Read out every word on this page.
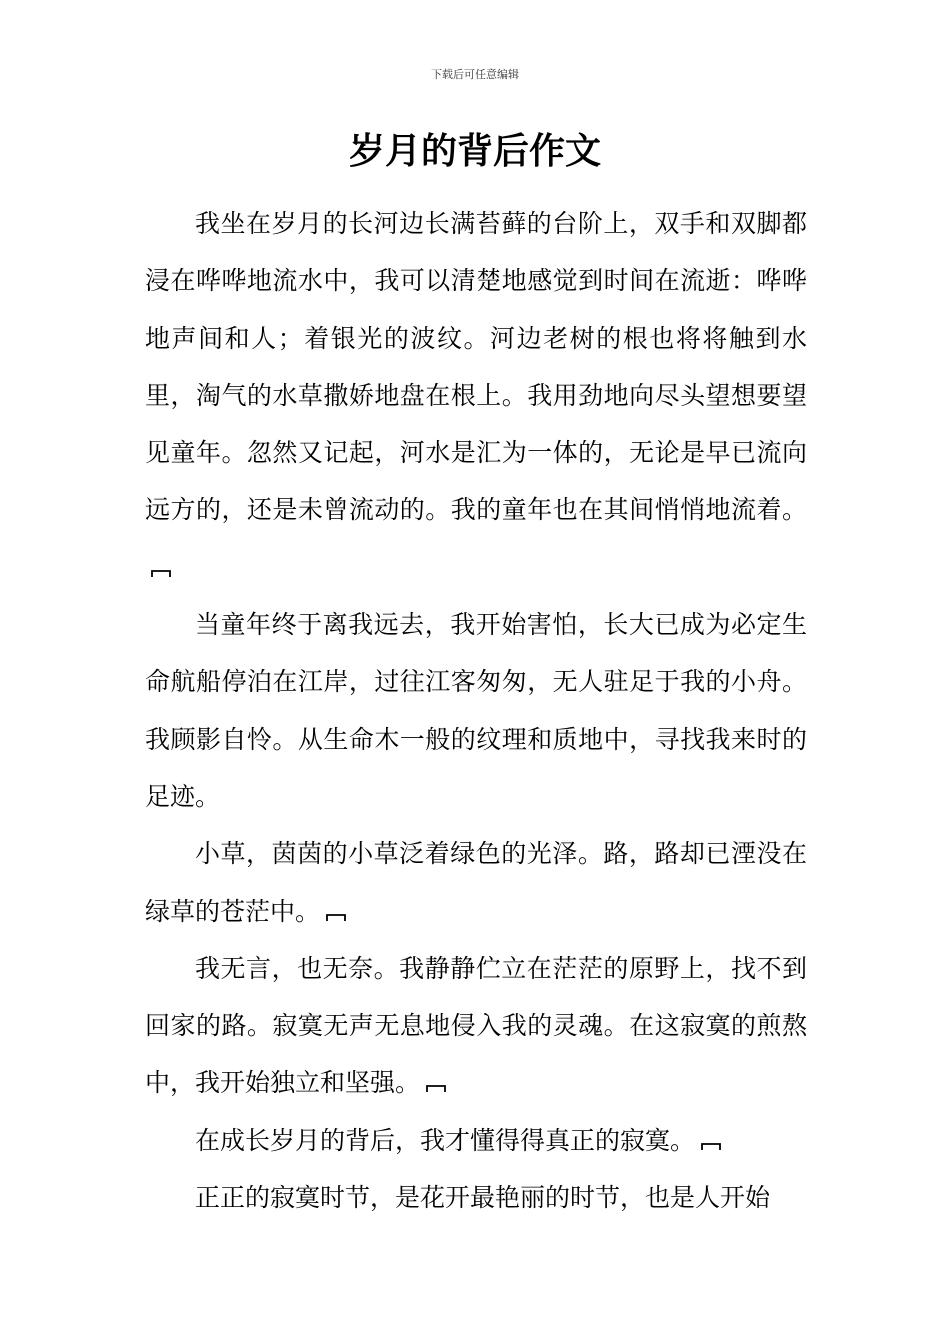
下载后可任意编辑
岁月的背后作文

我坐在岁月的长河边长满苔藓的台阶上，双手和双脚都浸在哗哗地流水中，我可以清楚地感觉到时间在流逝：哗哗地声间和人；着银光的波纹。河边老树的根也将将触到水里，淘气的水草撒娇地盘在根上。我用劲地向尽头望想要望见童年。忽然又记起，河水是汇为一体的，无论是早已流向远方的，还是未曾流动的。我的童年也在其间悄悄地流着。

当童年终于离我远去，我开始害怕，长大已成为必定生命航船停泊在江岸，过往江客匆匆，无人驻足于我的小舟。我顾影自怜。从生命木一般的纹理和质地中，寻找我来时的足迹。

小草，茵茵的小草泛着绿色的光泽。路，路却已湮没在绿草的苍茫中。

我无言，也无奈。我静静伫立在茫茫的原野上，找不到回家的路。寂寞无声无息地侵入我的灵魂。在这寂寞的煎熬中，我开始独立和坚强。

在成长岁月的背后，我才懂得得真正的寂寞。

正正的寂寞时节，是花开最艳丽的时节，也是人开始
